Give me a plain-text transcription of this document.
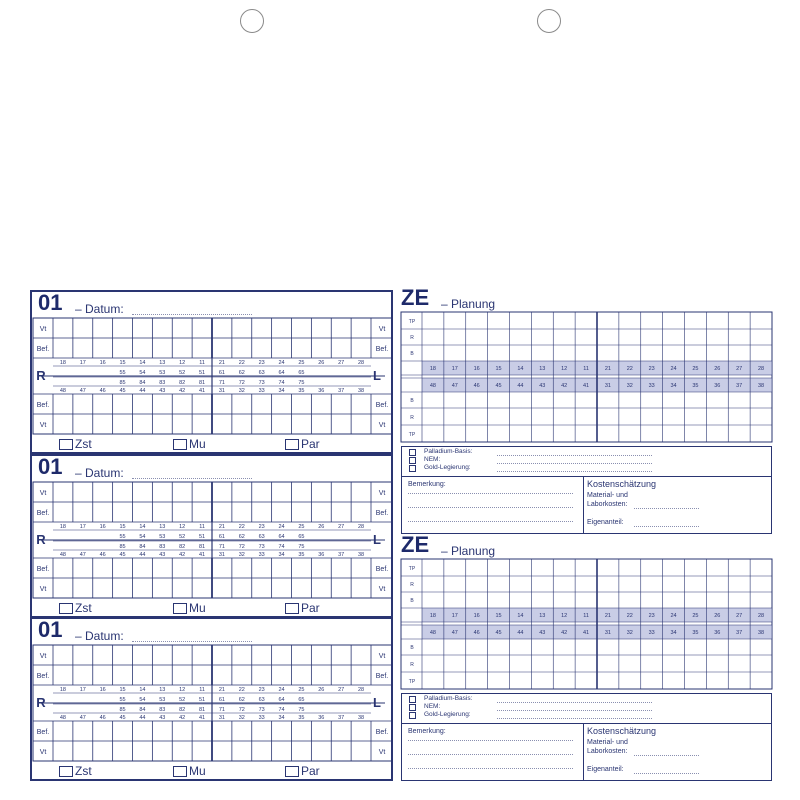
01 – Datum:
Vt	Vt
Bef.	Bef.
Bef.	Bef.
Vt	Vt
R	L
18	17	16	15	14	13	12	11	21	22	23	24	25	26	27	28
55	54	53	52	51	61	62	63	64	65
85	84	83	82	81	71	72	73	74	75
48	47	46	45	44	43	42	41	31	32	33	34	35	36	37	38
Zst	Mu	Par
01 – Datum:
Vt	Vt
Bef.	Bef.
Bef.	Bef.
Vt	Vt
R	L
18	17	16	15	14	13	12	11	21	22	23	24	25	26	27	28
55	54	53	52	51	61	62	63	64	65
85	84	83	82	81	71	72	73	74	75
48	47	46	45	44	43	42	41	31	32	33	34	35	36	37	38
Zst	Mu	Par
01 – Datum:
Vt	Vt
Bef.	Bef.
Bef.	Bef.
Vt	Vt
R	L
18	17	16	15	14	13	12	11	21	22	23	24	25	26	27	28
55	54	53	52	51	61	62	63	64	65
85	84	83	82	81	71	72	73	74	75
48	47	46	45	44	43	42	41	31	32	33	34	35	36	37	38
Zst	Mu	Par
ZE – Planung
TP
R
B
B
R
TP
18	17	16	15	14	13	12	11	21	22	23	24	25	26	27	28
48	47	46	45	44	43	42	41	31	32	33	34	35	36	37	38
Palladium-Basis:
NEM:
Gold-Legierung:
Bemerkung:	Kostenschätzung
Material- und
Laborkosten:
Eigenanteil:
ZE – Planung
TP
R
B
B
R
TP
18	17	16	15	14	13	12	11	21	22	23	24	25	26	27	28
48	47	46	45	44	43	42	41	31	32	33	34	35	36	37	38
Palladium-Basis:
NEM:
Gold-Legierung:
Bemerkung:	Kostenschätzung
Material- und
Laborkosten:
Eigenanteil:
